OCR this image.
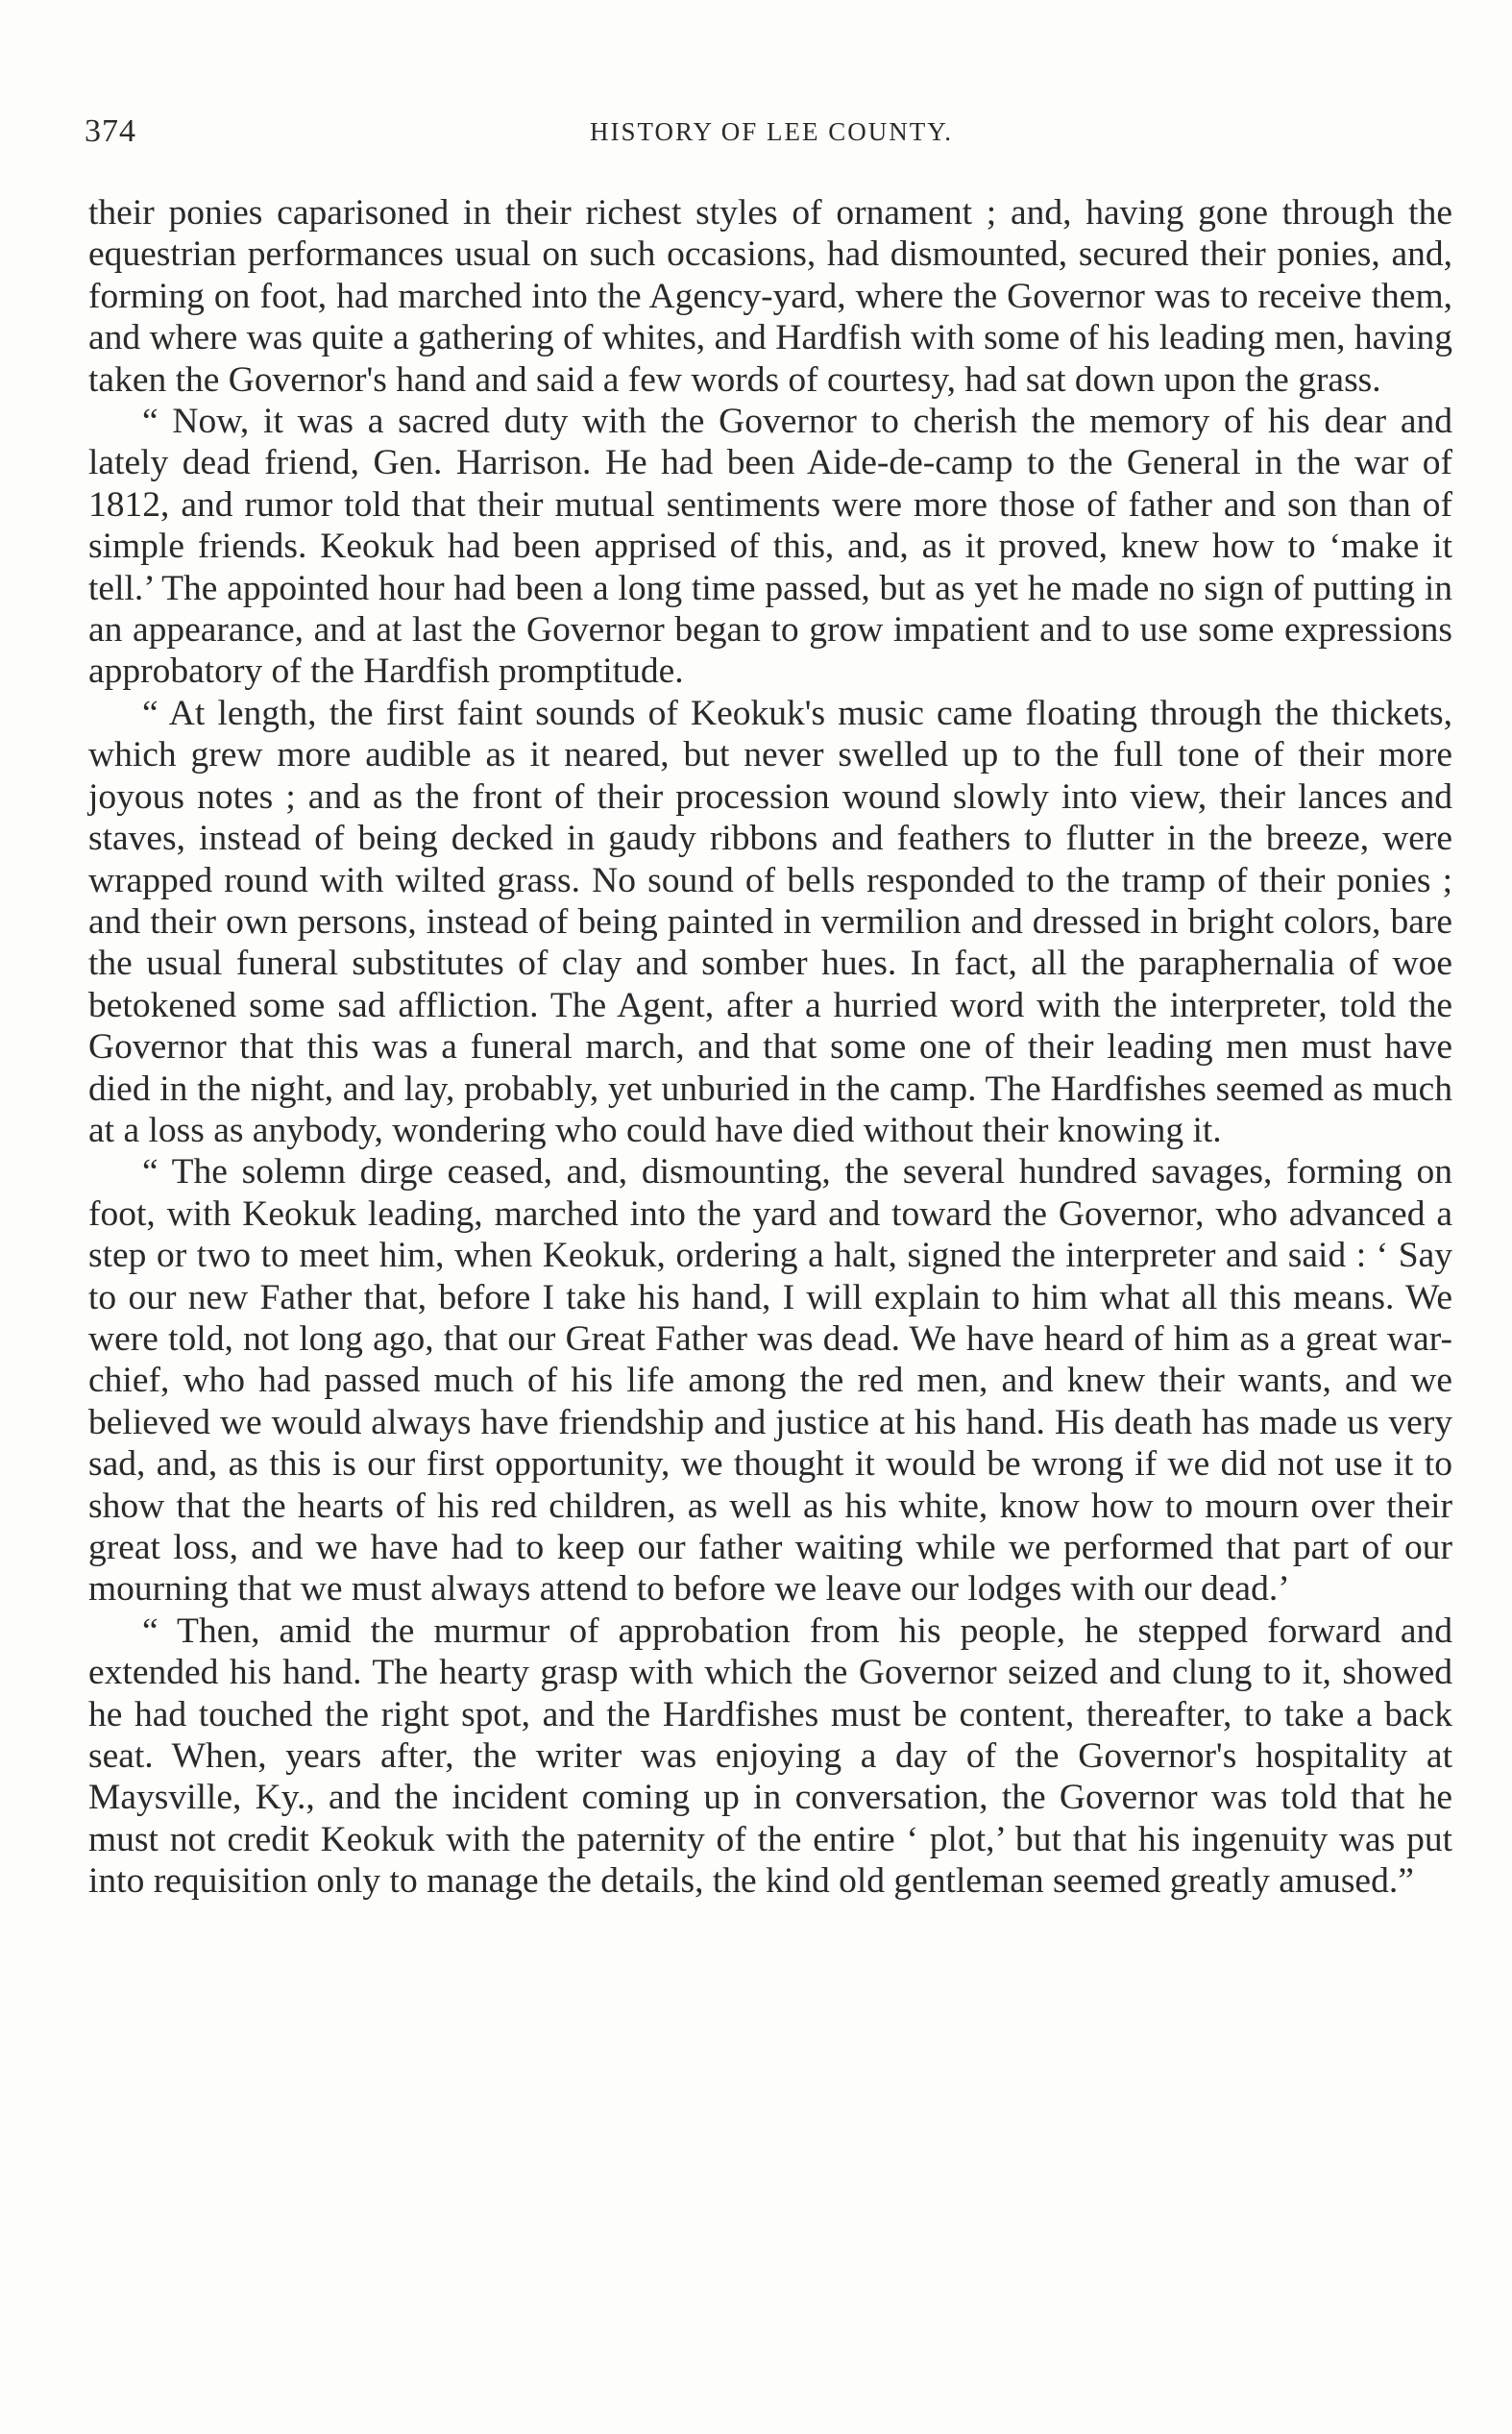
374	HISTORY OF LEE COUNTY.

their ponies caparisoned in their richest styles of ornament ; and, having gone through the equestrian performances usual on such occasions, had dismounted, secured their ponies, and, forming on foot, had marched into the Agency-yard, where the Governor was to receive them, and where was quite a gathering of whites, and Hardfish with some of his leading men, having taken the Governor's hand and said a few words of courtesy, had sat down upon the grass.

“ Now, it was a sacred duty with the Governor to cherish the memory of his dear and lately dead friend, Gen. Harrison. He had been Aide-de-camp to the General in the war of 1812, and rumor told that their mutual sentiments were more those of father and son than of simple friends. Keokuk had been apprised of this, and, as it proved, knew how to ‘make it tell.’ The appointed hour had been a long time passed, but as yet he made no sign of putting in an appearance, and at last the Governor began to grow impatient and to use some expressions approbatory of the Hardfish promptitude.

“ At length, the first faint sounds of Keokuk's music came floating through the thickets, which grew more audible as it neared, but never swelled up to the full tone of their more joyous notes ; and as the front of their procession wound slowly into view, their lances and staves, instead of being decked in gaudy ribbons and feathers to flutter in the breeze, were wrapped round with wilted grass. No sound of bells responded to the tramp of their ponies ; and their own persons, instead of being painted in vermilion and dressed in bright colors, bare the usual funeral substitutes of clay and somber hues. In fact, all the paraphernalia of woe betokened some sad affliction. The Agent, after a hurried word with the interpreter, told the Governor that this was a funeral march, and that some one of their leading men must have died in the night, and lay, probably, yet unburied in the camp. The Hardfishes seemed as much at a loss as anybody, wondering who could have died without their knowing it.

“ The solemn dirge ceased, and, dismounting, the several hundred savages, forming on foot, with Keokuk leading, marched into the yard and toward the Governor, who advanced a step or two to meet him, when Keokuk, ordering a halt, signed the interpreter and said : ‘ Say to our new Father that, before I take his hand, I will explain to him what all this means. We were told, not long ago, that our Great Father was dead. We have heard of him as a great war-chief, who had passed much of his life among the red men, and knew their wants, and we believed we would always have friendship and justice at his hand. His death has made us very sad, and, as this is our first opportunity, we thought it would be wrong if we did not use it to show that the hearts of his red children, as well as his white, know how to mourn over their great loss, and we have had to keep our father waiting while we performed that part of our mourning that we must always attend to before we leave our lodges with our dead.’

“ Then, amid the murmur of approbation from his people, he stepped forward and extended his hand. The hearty grasp with which the Governor seized and clung to it, showed he had touched the right spot, and the Hardfishes must be content, thereafter, to take a back seat. When, years after, the writer was enjoying a day of the Governor's hospitality at Maysville, Ky., and the incident coming up in conversation, the Governor was told that he must not credit Keokuk with the paternity of the entire ‘ plot,’ but that his ingenuity was put into requisition only to manage the details, the kind old gentleman seemed greatly amused.”
